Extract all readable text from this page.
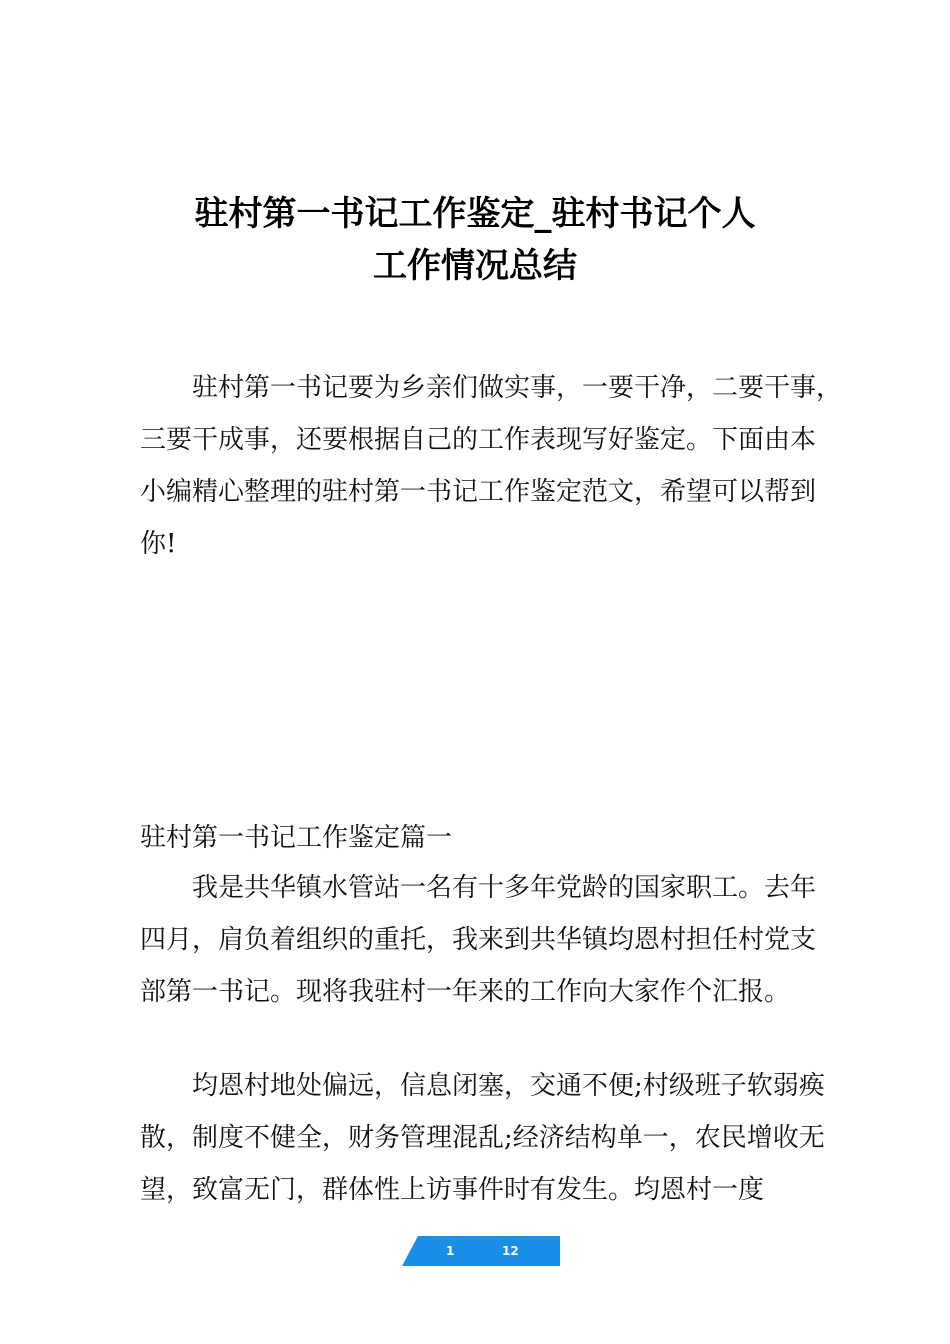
驻村第一书记工作鉴定_驻村书记个人
工作情况总结

驻村第一书记要为乡亲们做实事，一要干净，二要干事，
三要干成事，还要根据自己的工作表现写好鉴定。下面由本
小编精心整理的驻村第一书记工作鉴定范文，希望可以帮到
你!

驻村第一书记工作鉴定篇一

我是共华镇水管站一名有十多年党龄的国家职工。去年
四月，肩负着组织的重托，我来到共华镇均恩村担任村党支
部第一书记。现将我驻村一年来的工作向大家作个汇报。

均恩村地处偏远，信息闭塞，交通不便;村级班子软弱痪
散，制度不健全，财务管理混乱;经济结构单一，农民增收无
望，致富无门，群体性上访事件时有发生。均恩村一度

1	12
